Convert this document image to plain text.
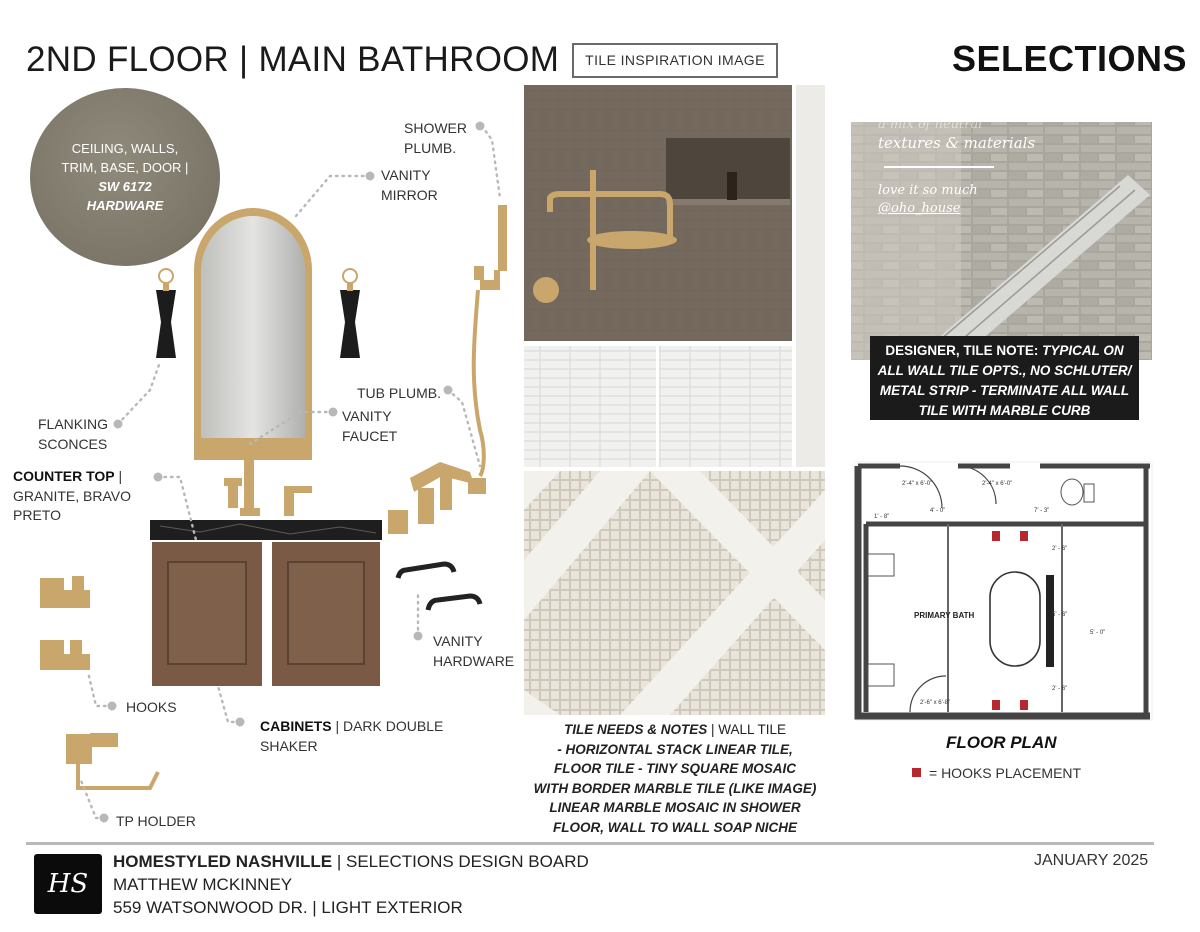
2ND FLOOR | MAIN BATHROOM	TILE INSPIRATION IMAGE	SELECTIONS
CEILING, WALLS,
TRIM, BASE, DOOR |
SW 6172
HARDWARE
a mix of neutral
textures & materials
love it so much
@oho_house
VANITY
MIRROR
SHOWER
PLUMB.
TUB PLUMB.
VANITY
FAUCET
FLANKING
SCONCES
COUNTER TOP |
GRANITE, BRAVO
PRETO
VANITY
HARDWARE
HOOKS
CABINETS | DARK DOUBLE
SHAKER
TP HOLDER
DESIGNER, TILE NOTE: TYPICAL ON
ALL WALL TILE OPTS., NO SCHLUTER/
METAL STRIP - TERMINATE ALL WALL
TILE WITH MARBLE CURB
TILE NEEDS & NOTES | WALL TILE
- HORIZONTAL STACK LINEAR TILE,
FLOOR TILE - TINY SQUARE MOSAIC
WITH BORDER MARBLE TILE (LIKE IMAGE)
LINEAR MARBLE MOSAIC IN SHOWER
FLOOR, WALL TO WALL SOAP NICHE
PRIMARY BATH
2'-4" x 6'-0"	2'-4" x 6'-0"
1' - 8"
4' - 0"	7' - 3"
5' - 0"
2' - 6"
5' - 6"
2' - 6"
2'-6" x 6'-8"
FLOOR PLAN
= HOOKS PLACEMENT
HS
HOMESTYLED NASHVILLE | SELECTIONS DESIGN BOARD
MATTHEW MCKINNEY
559 WATSONWOOD DR. | LIGHT EXTERIOR
JANUARY 2025
